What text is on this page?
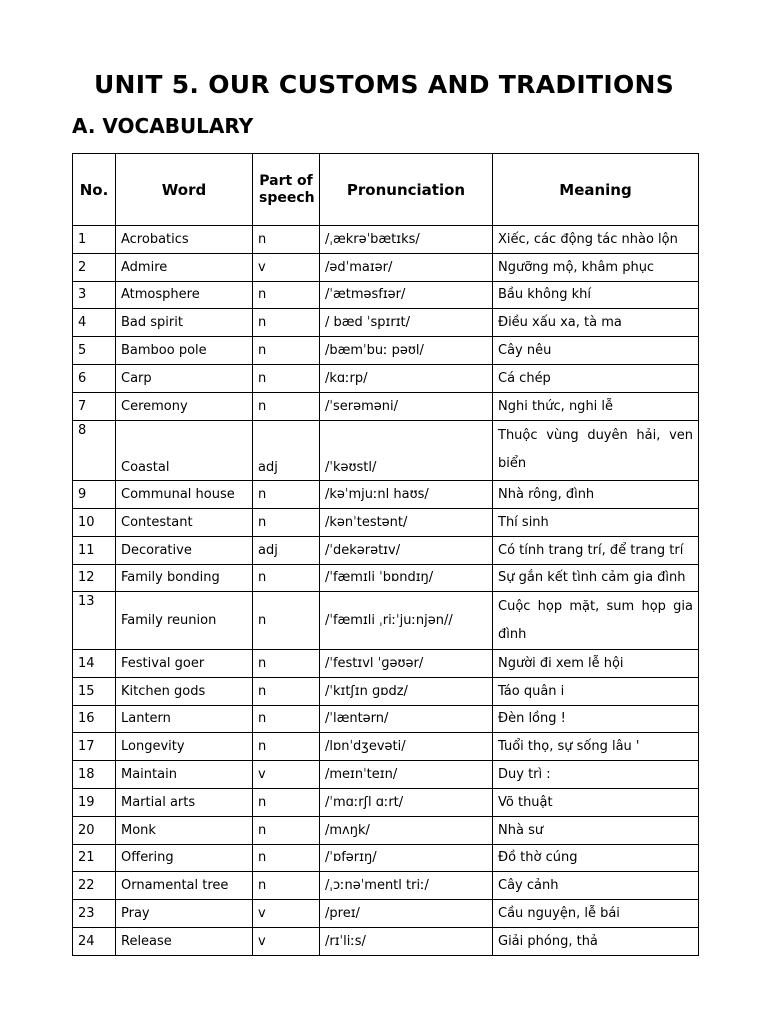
UNIT 5. OUR CUSTOMS AND TRADITIONS
A. VOCABULARY
No.	Word	Part of speech	Pronunciation	Meaning
1	Acrobatics	n	/ˌækrəˈbætɪks/	Xiếc, các động tác nhào lộn
2	Admire	v	/ədˈmaɪər/	Ngưỡng mộ, khâm phục
3	Atmosphere	n	/ˈætməsfɪər/	Bầu không khí
4	Bad spirit	n	/ bæd ˈspɪrɪt/	Điều xấu xa, tà ma
5	Bamboo pole	n	/bæmˈbuː pəʊl/	Cây nêu
6	Carp	n	/kɑːrp/	Cá chép
7	Ceremony	n	/ˈserəməni/	Nghi thức, nghi lễ
8	Coastal	adj	/ˈkəʊstl/	Thuộc vùng duyên hải, ven biển
9	Communal house	n	/kəˈmjuːnl haʊs/	Nhà rông, đình
10	Contestant	n	/kənˈtestənt/	Thí sinh
11	Decorative	adj	/ˈdekərətɪv/	Có tính trang trí, để trang trí
12	Family bonding	n	/ˈfæmɪli ˈbɒndɪŋ/	Sự gắn kết tình cảm gia đình
13	Family reunion	n	/ˈfæmɪli ˌriːˈjuːnjən//	Cuộc họp mặt, sum họp gia đình
14	Festival goer	n	/ˈfestɪvl ˈɡəʊər/	Người đi xem lễ hội
15	Kitchen gods	n	/ˈkɪtʃɪn ɡɒdz/	Táo quân i
16	Lantern	n	/ˈlæntərn/	Đèn lồng !
17	Longevity	n	/lɒnˈdʒevəti/	Tuổi thọ, sự sống lâu '
18	Maintain	v	/meɪnˈteɪn/	Duy trì :
19	Martial arts	n	/ˈmɑːrʃl ɑːrt/	Võ thuật
20	Monk	n	/mʌŋk/	Nhà sư
21	Offering	n	/ˈɒfərɪŋ/	Đồ thờ cúng
22	Ornamental tree	n	/ˌɔːnəˈmentl triː/	Cây cảnh
23	Pray	v	/preɪ/	Cầu nguyện, lễ bái
24	Release	v	/rɪˈliːs/	Giải phóng, thả
